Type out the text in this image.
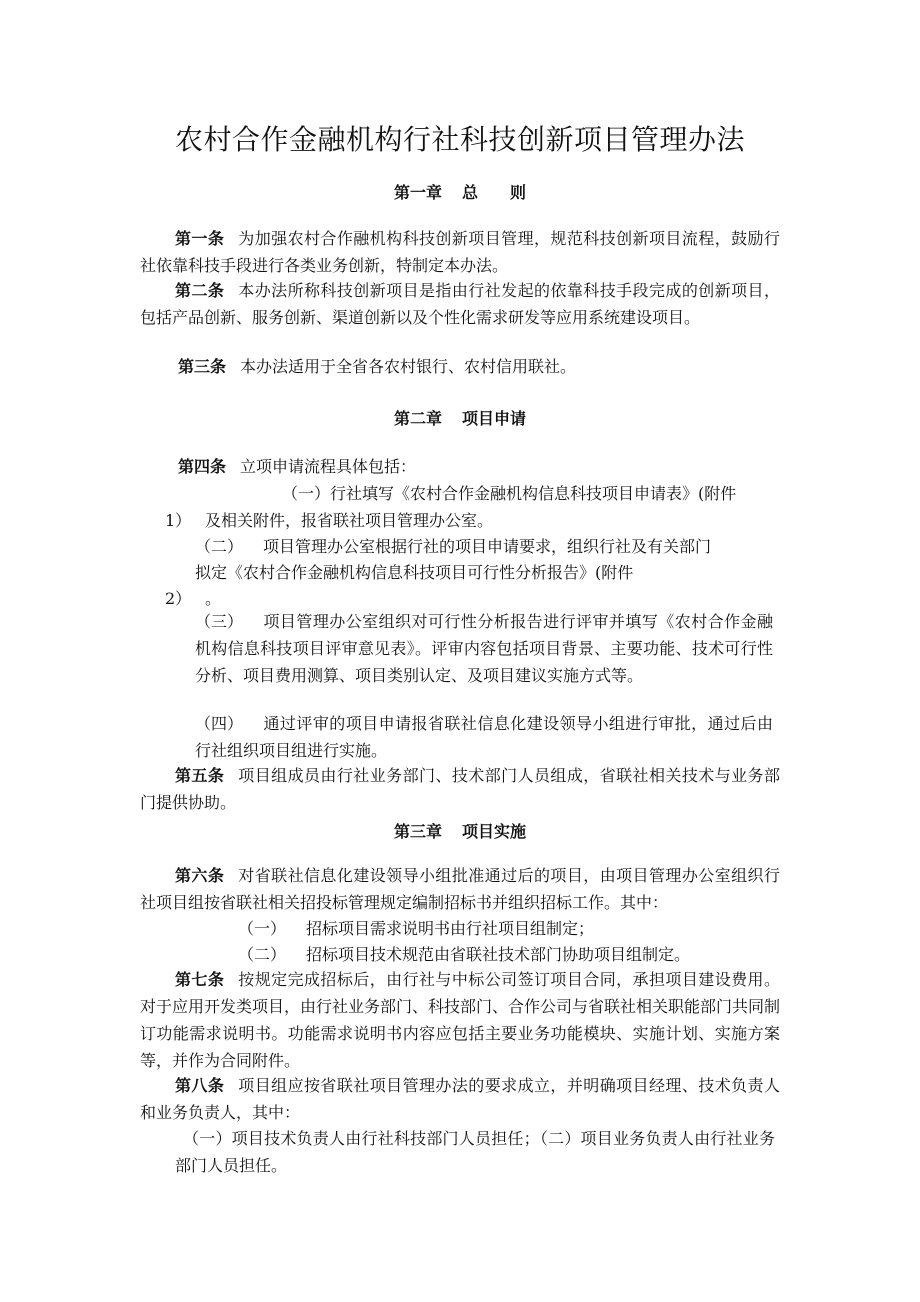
农村合作金融机构行社科技创新项目管理办法
第一章 总　　则
第一条 为加强农村合作融机构科技创新项目管理，规范科技创新项目流程，鼓励行社依靠科技手段进行各类业务创新，特制定本办法。
第二条 本办法所称科技创新项目是指由行社发起的依靠科技手段完成的创新项目，包括产品创新、服务创新、渠道创新以及个性化需求研发等应用系统建设项目。
第三条 本办法适用于全省各农村银行、农村信用联社。
第二章 项目申请
第四条 立项申请流程具体包括：
（一）行社填写《农村合作金融机构信息科技项目申请表》(附件
1） 及相关附件，报省联社项目管理办公室。
（二） 项目管理办公室根据行社的项目申请要求，组织行社及有关部门
拟定《农村合作金融机构信息科技项目可行性分析报告》(附件
2） 。
（三） 项目管理办公室组织对可行性分析报告进行评审并填写《农村合作金融机构信息科技项目评审意见表》。评审内容包括项目背景、主要功能、技术可行性分析、项目费用测算、项目类别认定、及项目建议实施方式等。
（四） 通过评审的项目申请报省联社信息化建设领导小组进行审批，通过后由行社组织项目组进行实施。
第五条 项目组成员由行社业务部门、技术部门人员组成，省联社相关技术与业务部门提供协助。
第三章 项目实施
第六条 对省联社信息化建设领导小组批准通过后的项目，由项目管理办公室组织行社项目组按省联社相关招投标管理规定编制招标书并组织招标工作。其中：
（一） 招标项目需求说明书由行社项目组制定；
（二） 招标项目技术规范由省联社技术部门协助项目组制定。
第七条 按规定完成招标后，由行社与中标公司签订项目合同，承担项目建设费用。对于应用开发类项目，由行社业务部门、科技部门、合作公司与省联社相关职能部门共同制订功能需求说明书。功能需求说明书内容应包括主要业务功能模块、实施计划、实施方案等，并作为合同附件。
第八条 项目组应按省联社项目管理办法的要求成立，并明确项目经理、技术负责人和业务负责人，其中：
（一）项目技术负责人由行社科技部门人员担任；（二）项目业务负责人由行社业务部门人员担任。
